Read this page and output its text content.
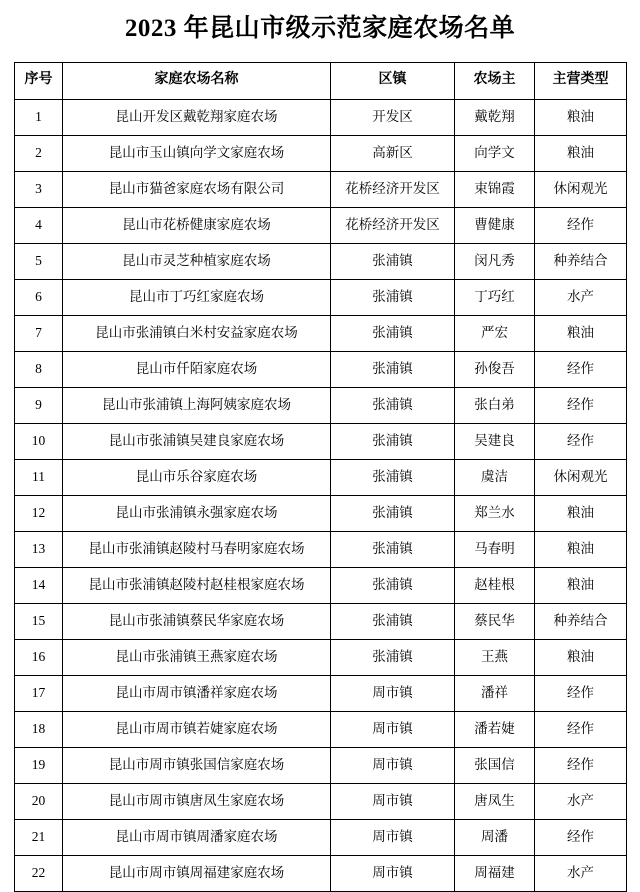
2023 年昆山市级示范家庭农场名单
序号	家庭农场名称	区镇	农场主	主营类型
1	昆山开发区戴乾翔家庭农场	开发区	戴乾翔	粮油
2	昆山市玉山镇向学文家庭农场	高新区	向学文	粮油
3	昆山市猫爸家庭农场有限公司	花桥经济开发区	束锦霞	休闲观光
4	昆山市花桥健康家庭农场	花桥经济开发区	曹健康	经作
5	昆山市灵芝种植家庭农场	张浦镇	闵凡秀	种养结合
6	昆山市丁巧红家庭农场	张浦镇	丁巧红	水产
7	昆山市张浦镇白米村安益家庭农场	张浦镇	严宏	粮油
8	昆山市仟陌家庭农场	张浦镇	孙俊吾	经作
9	昆山市张浦镇上海阿姨家庭农场	张浦镇	张白弟	经作
10	昆山市张浦镇吴建良家庭农场	张浦镇	吴建良	经作
11	昆山市乐谷家庭农场	张浦镇	虞洁	休闲观光
12	昆山市张浦镇永强家庭农场	张浦镇	郑兰水	粮油
13	昆山市张浦镇赵陵村马春明家庭农场	张浦镇	马春明	粮油
14	昆山市张浦镇赵陵村赵桂根家庭农场	张浦镇	赵桂根	粮油
15	昆山市张浦镇蔡民华家庭农场	张浦镇	蔡民华	种养结合
16	昆山市张浦镇王燕家庭农场	张浦镇	王燕	粮油
17	昆山市周市镇潘祥家庭农场	周市镇	潘祥	经作
18	昆山市周市镇若婕家庭农场	周市镇	潘若婕	经作
19	昆山市周市镇张国信家庭农场	周市镇	张国信	经作
20	昆山市周市镇唐凤生家庭农场	周市镇	唐凤生	水产
21	昆山市周市镇周潘家庭农场	周市镇	周潘	经作
22	昆山市周市镇周福建家庭农场	周市镇	周福建	水产
